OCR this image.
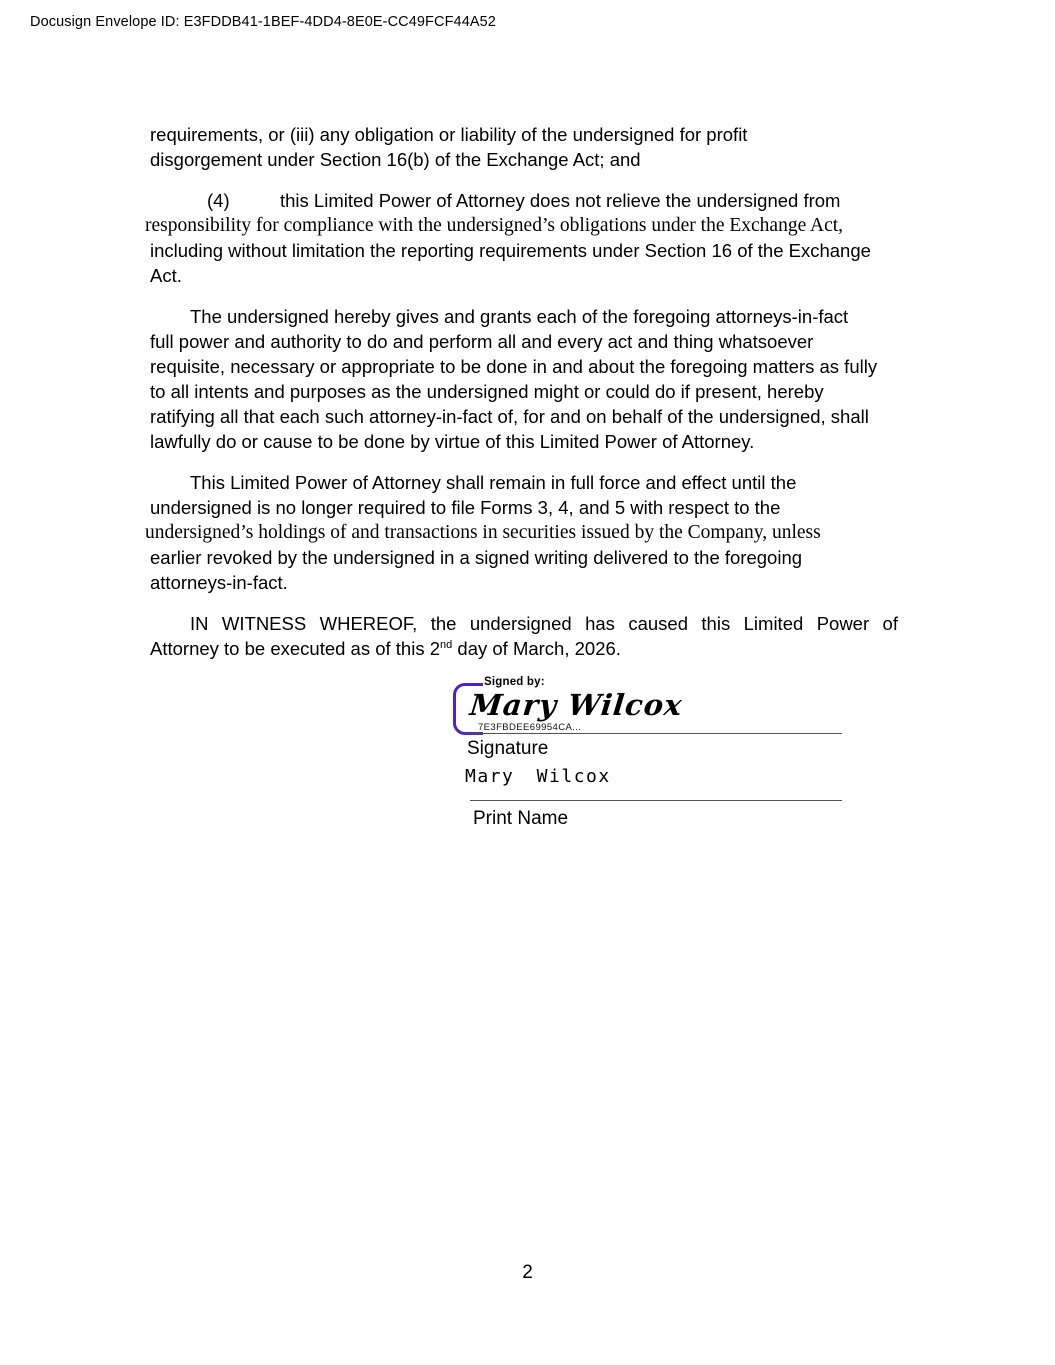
Docusign Envelope ID: E3FDDB41-1BEF-4DD4-8E0E-CC49FCF44A52
requirements, or (iii) any obligation or liability of the undersigned for profit
disgorgement under Section 16(b) of the Exchange Act; and
(4)	this Limited Power of Attorney does not relieve the undersigned from
responsibility for compliance with the undersigned’s obligations under the Exchange Act,
including without limitation the reporting requirements under Section 16 of the Exchange
Act.
The undersigned hereby gives and grants each of the foregoing attorneys-in-fact
full power and authority to do and perform all and every act and thing whatsoever
requisite, necessary or appropriate to be done in and about the foregoing matters as fully
to all intents and purposes as the undersigned might or could do if present, hereby
ratifying all that each such attorney-in-fact of, for and on behalf of the undersigned, shall
lawfully do or cause to be done by virtue of this Limited Power of Attorney.
This Limited Power of Attorney shall remain in full force and effect until the
undersigned is no longer required to file Forms 3, 4, and 5 with respect to the
undersigned’s holdings of and transactions in securities issued by the Company, unless
earlier revoked by the undersigned in a signed writing delivered to the foregoing
attorneys-in-fact.
IN WITNESS WHEREOF, the undersigned has caused this Limited Power of
Attorney to be executed as of this 2nd day of March, 2026.
Signed by:
Mary Wilcox
7E3FBDEE69954CA...
Signature
Mary Wilcox
Print Name
2
